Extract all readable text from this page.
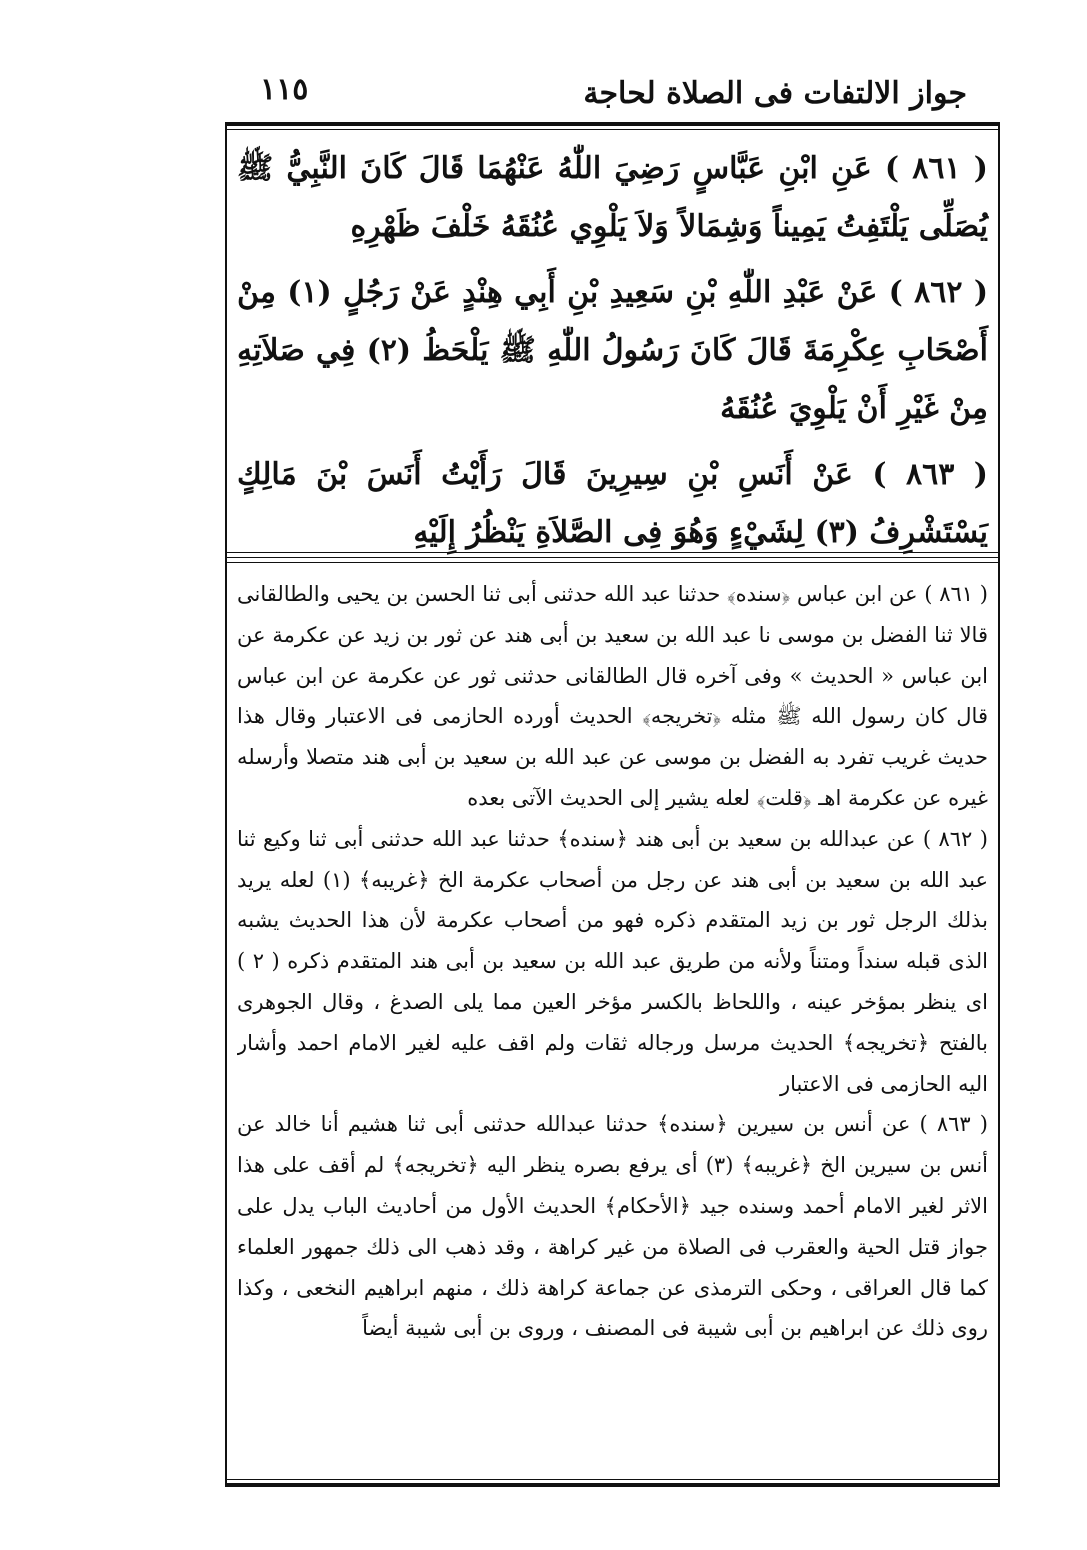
١١٥	جواز الالتفات فى الصلاة لحاجة

( ٨٦١ ) عَنِ ابْنِ عَبَّاسٍ رَضِيَ اللّٰهُ عَنْهُمَا قَالَ كَانَ النَّبِيُّ ﷺ يُصَلِّى يَلْتَفِتُ يَمِيناً وَشِمَالاً وَلاَ يَلْوِي عُنُقَهُ خَلْفَ ظَهْرِهِ

( ٨٦٢ ) عَنْ عَبْدِ اللّٰهِ بْنِ سَعِيدِ بْنِ أَبِي هِنْدٍ عَنْ رَجُلٍ (١) مِنْ أَصْحَابِ عِكْرِمَةَ قَالَ كَانَ رَسُولُ اللّٰهِ ﷺ يَلْحَظُ (٢) فِي صَلاَتِهِ مِنْ غَيْرِ أَنْ يَلْوِيَ عُنُقَهُ

( ٨٦٣ ) عَنْ أَنَسِ بْنِ سِيرِينَ قَالَ رَأَيْتُ أَنَسَ بْنَ مَالِكٍ يَسْتَشْرِفُ (٣) لِشَيْءٍ وَهُوَ فِى الصَّلاَةِ يَنْظُرُ إِلَيْهِ

( ٨٦١ ) عن ابن عباس ﴿سنده﴾ حدثنا عبد الله حدثنى أبى ثنا الحسن بن يحيى والطالقانى قالا ثنا الفضل بن موسى نا عبد الله بن سعيد بن أبى هند عن ثور بن زيد عن عكرمة عن ابن عباس « الحديث » وفى آخره قال الطالقانى حدثنى ثور عن عكرمة عن ابن عباس قال كان رسول الله ﷺ مثله ﴿تخريجه﴾ الحديث أورده الحازمى فى الاعتبار وقال هذا حديث غريب تفرد به الفضل بن موسى عن عبد الله بن سعيد بن أبى هند متصلا وأرسله غيره عن عكرمة اهـ ﴿قلت﴾ لعله يشير إلى الحديث الآتى بعده

( ٨٦٢ ) عن عبدالله بن سعيد بن أبى هند ﴿سنده﴾ حدثنا عبد الله حدثنى أبى ثنا وكيع ثنا عبد الله بن سعيد بن أبى هند عن رجل من أصحاب عكرمة الخ ﴿غريبه﴾ (١) لعله يريد بذلك الرجل ثور بن زيد المتقدم ذكره فهو من أصحاب عكرمة لأن هذا الحديث يشبه الذى قبله سنداً ومتناً ولأنه من طريق عبد الله بن سعيد بن أبى هند المتقدم ذكره ( ٢ ) اى ينظر بمؤخر عينه ، واللحاظ بالكسر مؤخر العين مما يلى الصدغ ، وقال الجوهرى بالفتح ﴿تخريجه﴾ الحديث مرسل ورجاله ثقات ولم اقف عليه لغير الامام احمد وأشار اليه الحازمى فى الاعتبار

( ٨٦٣ ) عن أنس بن سيرين ﴿سنده﴾ حدثنا عبدالله حدثنى أبى ثنا هشيم أنا خالد عن أنس بن سيرين الخ ﴿غريبه﴾ (٣) أى يرفع بصره ينظر اليه ﴿تخريجه﴾ لم أقف على هذا الاثر لغير الامام أحمد وسنده جيد ﴿الأحكام﴾ الحديث الأول من أحاديث الباب يدل على جواز قتل الحية والعقرب فى الصلاة من غير كراهة ، وقد ذهب الى ذلك جمهور العلماء كما قال العراقى ، وحكى الترمذى عن جماعة كراهة ذلك ، منهم ابراهيم النخعى ، وكذا روى ذلك عن ابراهيم بن أبى شيبة فى المصنف ، وروى بن أبى شيبة أيضاً
